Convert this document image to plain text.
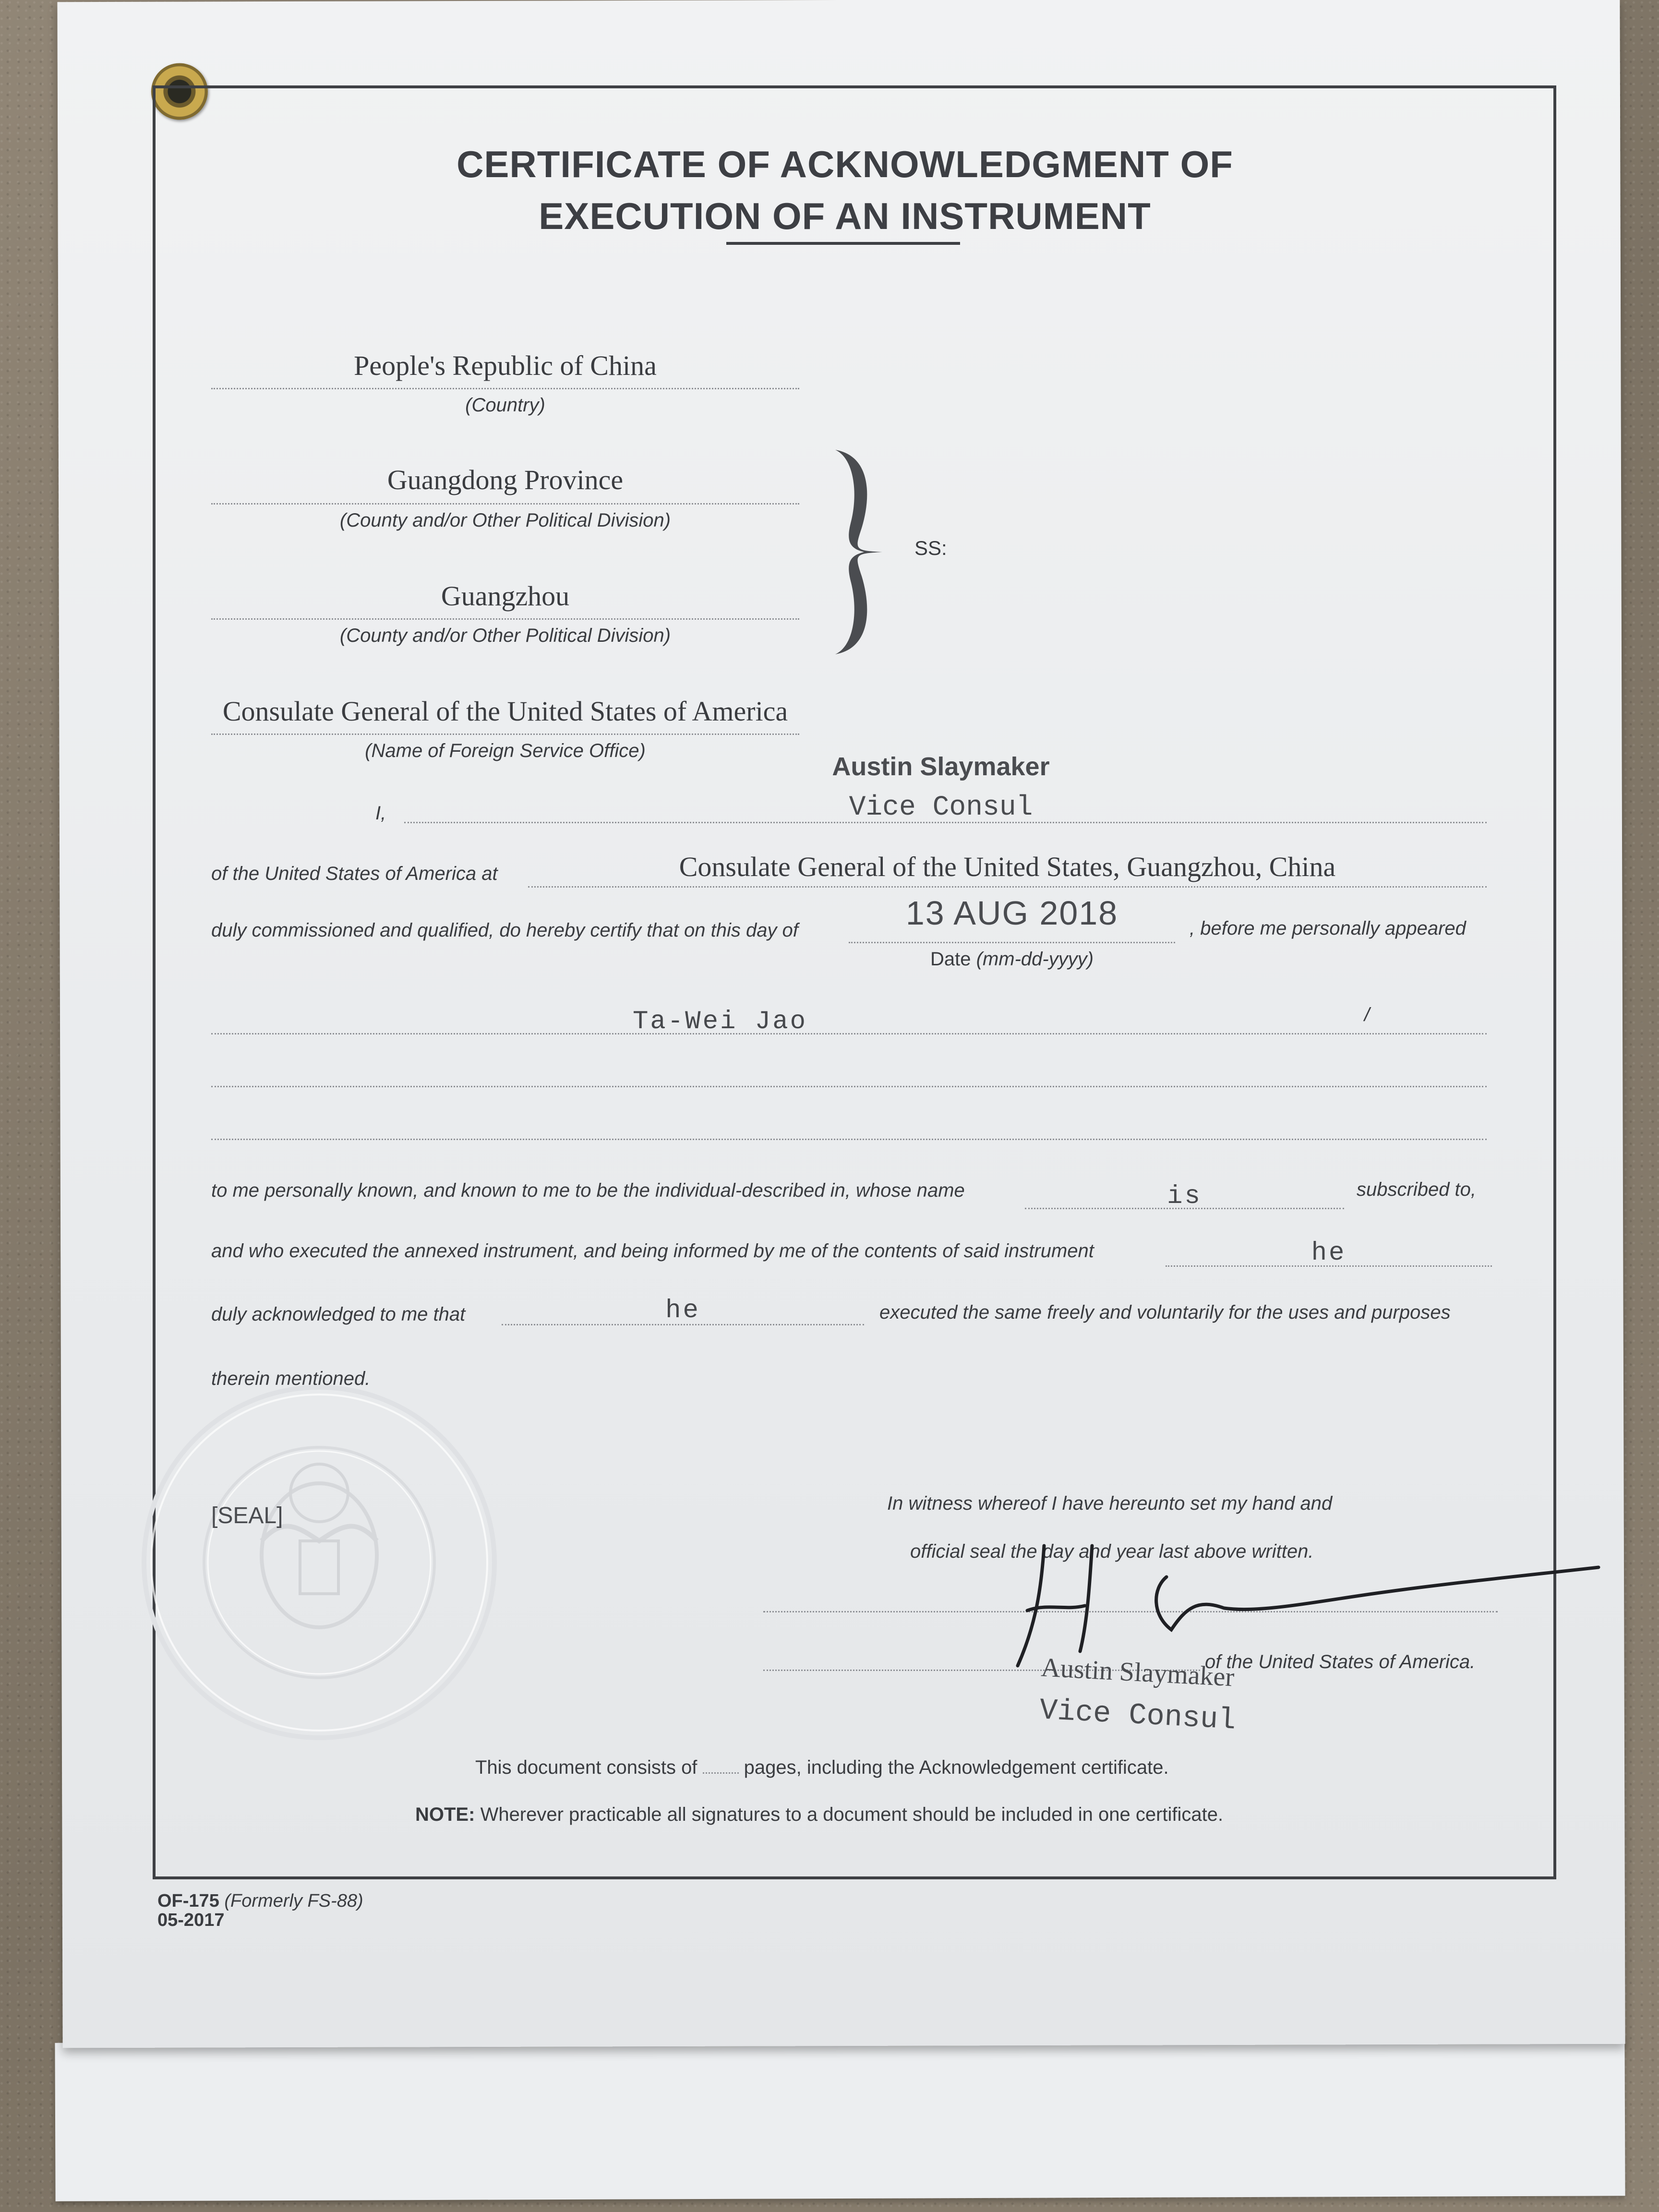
CERTIFICATE OF ACKNOWLEDGMENT OF
EXECUTION OF AN INSTRUMENT
People's Republic of China
(Country)
Guangdong Province
(County and/or Other Political Division)
Guangzhou
(County and/or Other Political Division)
SS:
Consulate General of the United States of America
(Name of Foreign Service Office)
Austin Slaymaker
I,	Vice Consul
of the United States of America at	Consulate General of the United States, Guangzhou, China
duly commissioned and qualified, do hereby certify that on this day of	13 AUG 2018
Date (mm-dd-yyyy)
, before me personally appeared
Ta-Wei Jao	/
to me personally known, and known to me to be the individual-described in, whose name	is	subscribed to,
and who executed the annexed instrument, and being informed by me of the contents of said instrument	he
duly acknowledged to me that	he	executed the same freely and voluntarily for the uses and purposes
therein mentioned.
[SEAL]	In witness whereof I have hereunto set my hand and
official seal the day and year last above written.
of the United States of America.
Austin Slaymaker
Vice Consul
This document consists of pages, including the Acknowledgement certificate.
NOTE: Wherever practicable all signatures to a document should be included in one certificate.
OF-175 (Formerly FS-88)
05-2017
